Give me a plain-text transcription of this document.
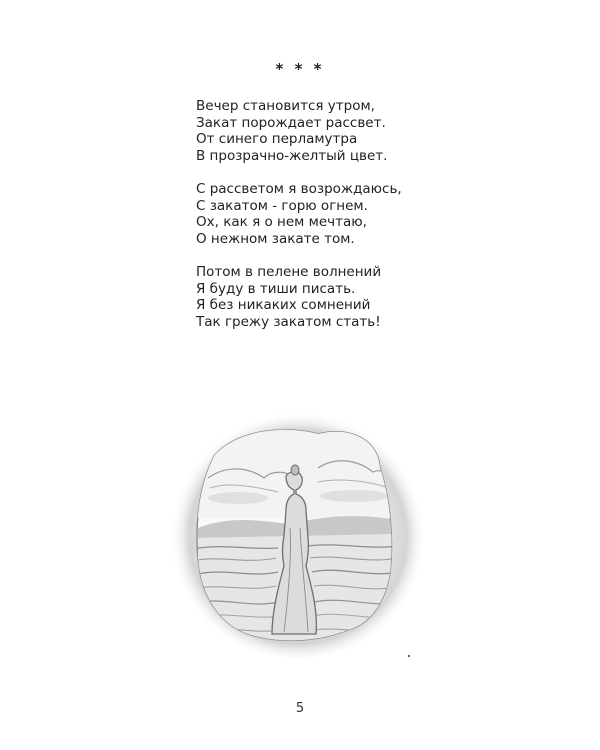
* * *
Вечер становится утром,
Закат порождает рассвет.
От синего перламутра
В прозрачно-желтый цвет.
С рассветом я возрождаюсь,
С закатом - горю огнем.
Ох, как я о нем мечтаю,
О нежном закате том.
Потом в пелене волнений
Я буду в тиши писать.
Я без никаких сомнений
Так грежу закатом стать!
5
